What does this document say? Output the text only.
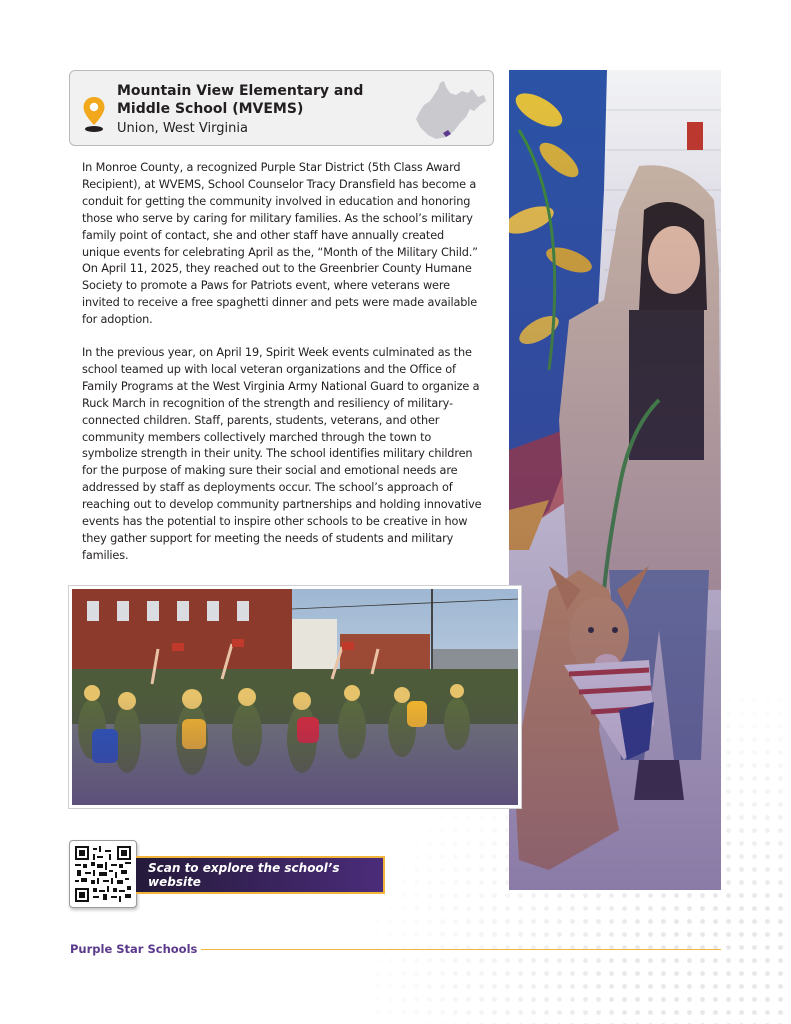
Mountain View Elementary and Middle School (MVEMS)
Union, West Virginia

In Monroe County, a recognized Purple Star District (5th Class Award Recipient), at WVEMS, School Counselor Tracy Dransfield has become a conduit for getting the community involved in education and honoring those who serve by caring for military families. As the school’s military family point of contact, she and other staff have annually created unique events for celebrating April as the, “Month of the Military Child.” On April 11, 2025, they reached out to the Greenbrier County Humane Society to promote a Paws for Patriots event, where veterans were invited to receive a free spaghetti dinner and pets were made available for adoption.

In the previous year, on April 19, Spirit Week events culminated as the school teamed up with local veteran organizations and the Office of Family Programs at the West Virginia Army National Guard to organize a Ruck March in recognition of the strength and resiliency of military-connected children. Staff, parents, students, veterans, and other community members collectively marched through the town to symbolize strength in their unity. The school identifies military children for the purpose of making sure their social and emotional needs are addressed by staff as deployments occur. The school’s approach of reaching out to develop community partnerships and holding innovative events has the potential to inspire other schools to be creative in how they gather support for meeting the needs of students and military families.

Scan to explore the school’s website
Purple Star Schools
